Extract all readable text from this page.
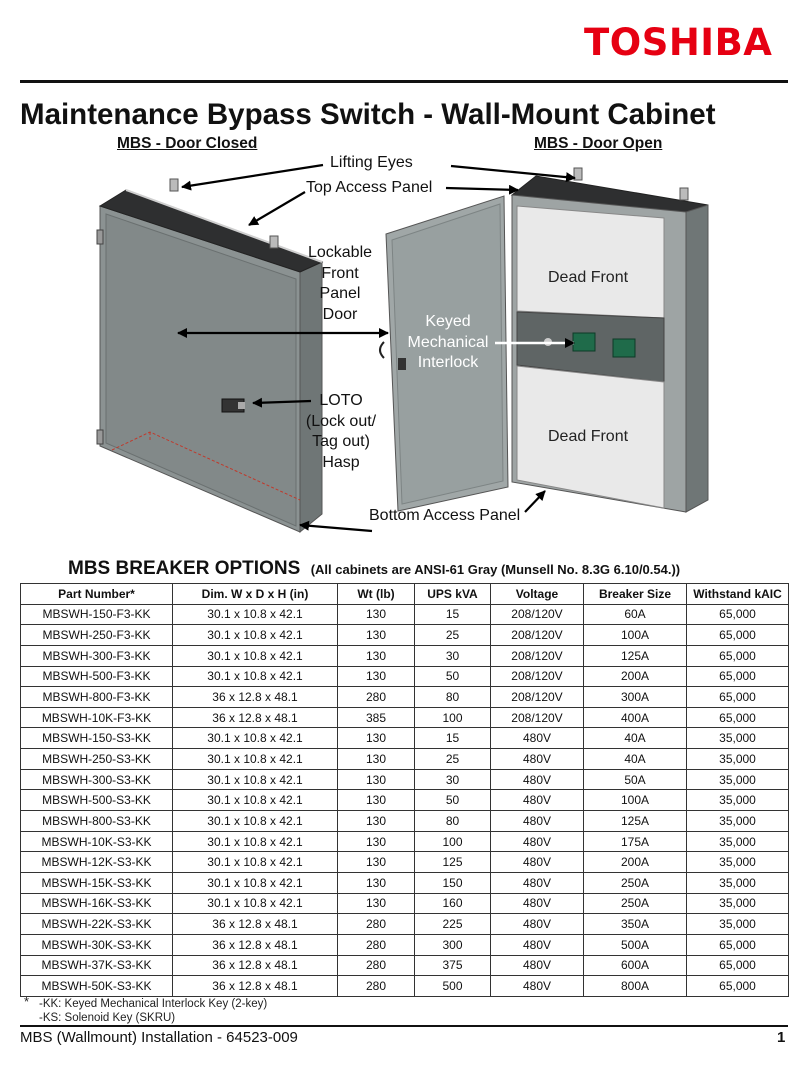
TOSHIBA
Maintenance Bypass Switch - Wall-Mount Cabinet
MBS - Door Closed	MBS - Door Open
Lifting Eyes
Top Access Panel
Lockable
Front
Panel
Door	Keyed
Mechanical
Interlock
LOTO
(Lock out/
Tag out)
Hasp
Bottom Access Panel
Dead Front
Dead Front
MBS BREAKER OPTIONS (All cabinets are ANSI-61 Gray (Munsell No. 8.3G 6.10/0.54.))
Part Number*	Dim. W x D x H (in)	Wt (lb)	UPS kVA	Voltage	Breaker Size	Withstand kAIC
MBSWH-150-F3-KK	30.1 x 10.8 x 42.1	130	15	208/120V	60A	65,000
MBSWH-250-F3-KK	30.1 x 10.8 x 42.1	130	25	208/120V	100A	65,000
MBSWH-300-F3-KK	30.1 x 10.8 x 42.1	130	30	208/120V	125A	65,000
MBSWH-500-F3-KK	30.1 x 10.8 x 42.1	130	50	208/120V	200A	65,000
MBSWH-800-F3-KK	36 x 12.8 x 48.1	280	80	208/120V	300A	65,000
MBSWH-10K-F3-KK	36 x 12.8 x 48.1	385	100	208/120V	400A	65,000
MBSWH-150-S3-KK	30.1 x 10.8 x 42.1	130	15	480V	40A	35,000
MBSWH-250-S3-KK	30.1 x 10.8 x 42.1	130	25	480V	40A	35,000
MBSWH-300-S3-KK	30.1 x 10.8 x 42.1	130	30	480V	50A	35,000
MBSWH-500-S3-KK	30.1 x 10.8 x 42.1	130	50	480V	100A	35,000
MBSWH-800-S3-KK	30.1 x 10.8 x 42.1	130	80	480V	125A	35,000
MBSWH-10K-S3-KK	30.1 x 10.8 x 42.1	130	100	480V	175A	35,000
MBSWH-12K-S3-KK	30.1 x 10.8 x 42.1	130	125	480V	200A	35,000
MBSWH-15K-S3-KK	30.1 x 10.8 x 42.1	130	150	480V	250A	35,000
MBSWH-16K-S3-KK	30.1 x 10.8 x 42.1	130	160	480V	250A	35,000
MBSWH-22K-S3-KK	36 x 12.8 x 48.1	280	225	480V	350A	35,000
MBSWH-30K-S3-KK	36 x 12.8 x 48.1	280	300	480V	500A	65,000
MBSWH-37K-S3-KK	36 x 12.8 x 48.1	280	375	480V	600A	65,000
MBSWH-50K-S3-KK	36 x 12.8 x 48.1	280	500	480V	800A	65,000
* -KK: Keyed Mechanical Interlock Key (2-key)
-KS: Solenoid Key (SKRU)
MBS (Wallmount) Installation - 64523-009	1
